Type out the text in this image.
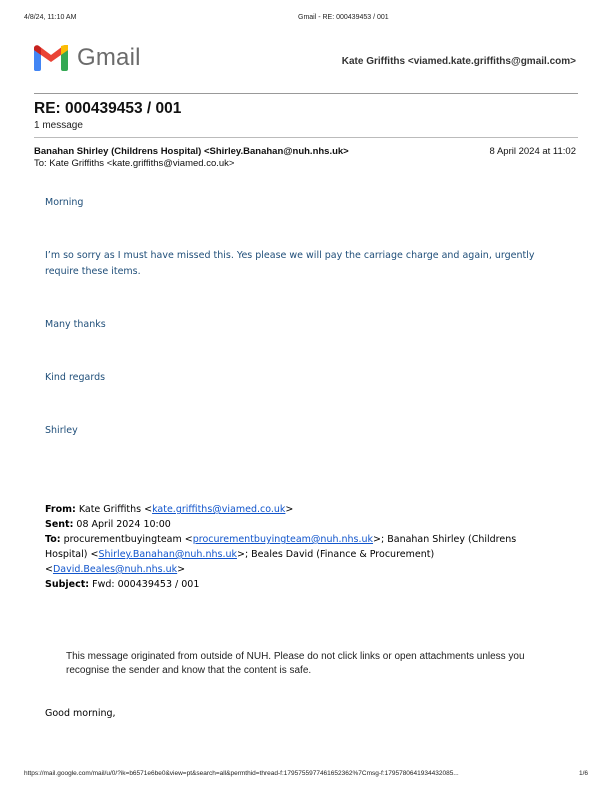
4/8/24, 11:10 AM	Gmail - RE: 000439453 / 001
Gmail	Kate Griffiths <viamed.kate.griffiths@gmail.com>
RE: 000439453 / 001
1 message
Banahan Shirley (Childrens Hospital) <Shirley.Banahan@nuh.nhs.uk>	8 April 2024 at 11:02
To: Kate Griffiths <kate.griffiths@viamed.co.uk>
Morning
I’m so sorry as I must have missed this. Yes please we will pay the carriage charge and again, urgently require these items.
Many thanks
Kind regards
Shirley
From: Kate Griffiths <kate.griffiths@viamed.co.uk>
Sent: 08 April 2024 10:00
To: procurementbuyingteam <procurementbuyingteam@nuh.nhs.uk>; Banahan Shirley (Childrens Hospital) <Shirley.Banahan@nuh.nhs.uk>; Beales David (Finance & Procurement) <David.Beales@nuh.nhs.uk>
Subject: Fwd: 000439453 / 001
This message originated from outside of NUH. Please do not click links or open attachments unless you recognise the sender and know that the content is safe.
Good morning,
https://mail.google.com/mail/u/0/?ik=b6571e6be0&view=pt&search=all&permthid=thread-f:1795755977461652362%7Cmsg-f:1795780641934432085...	1/6
